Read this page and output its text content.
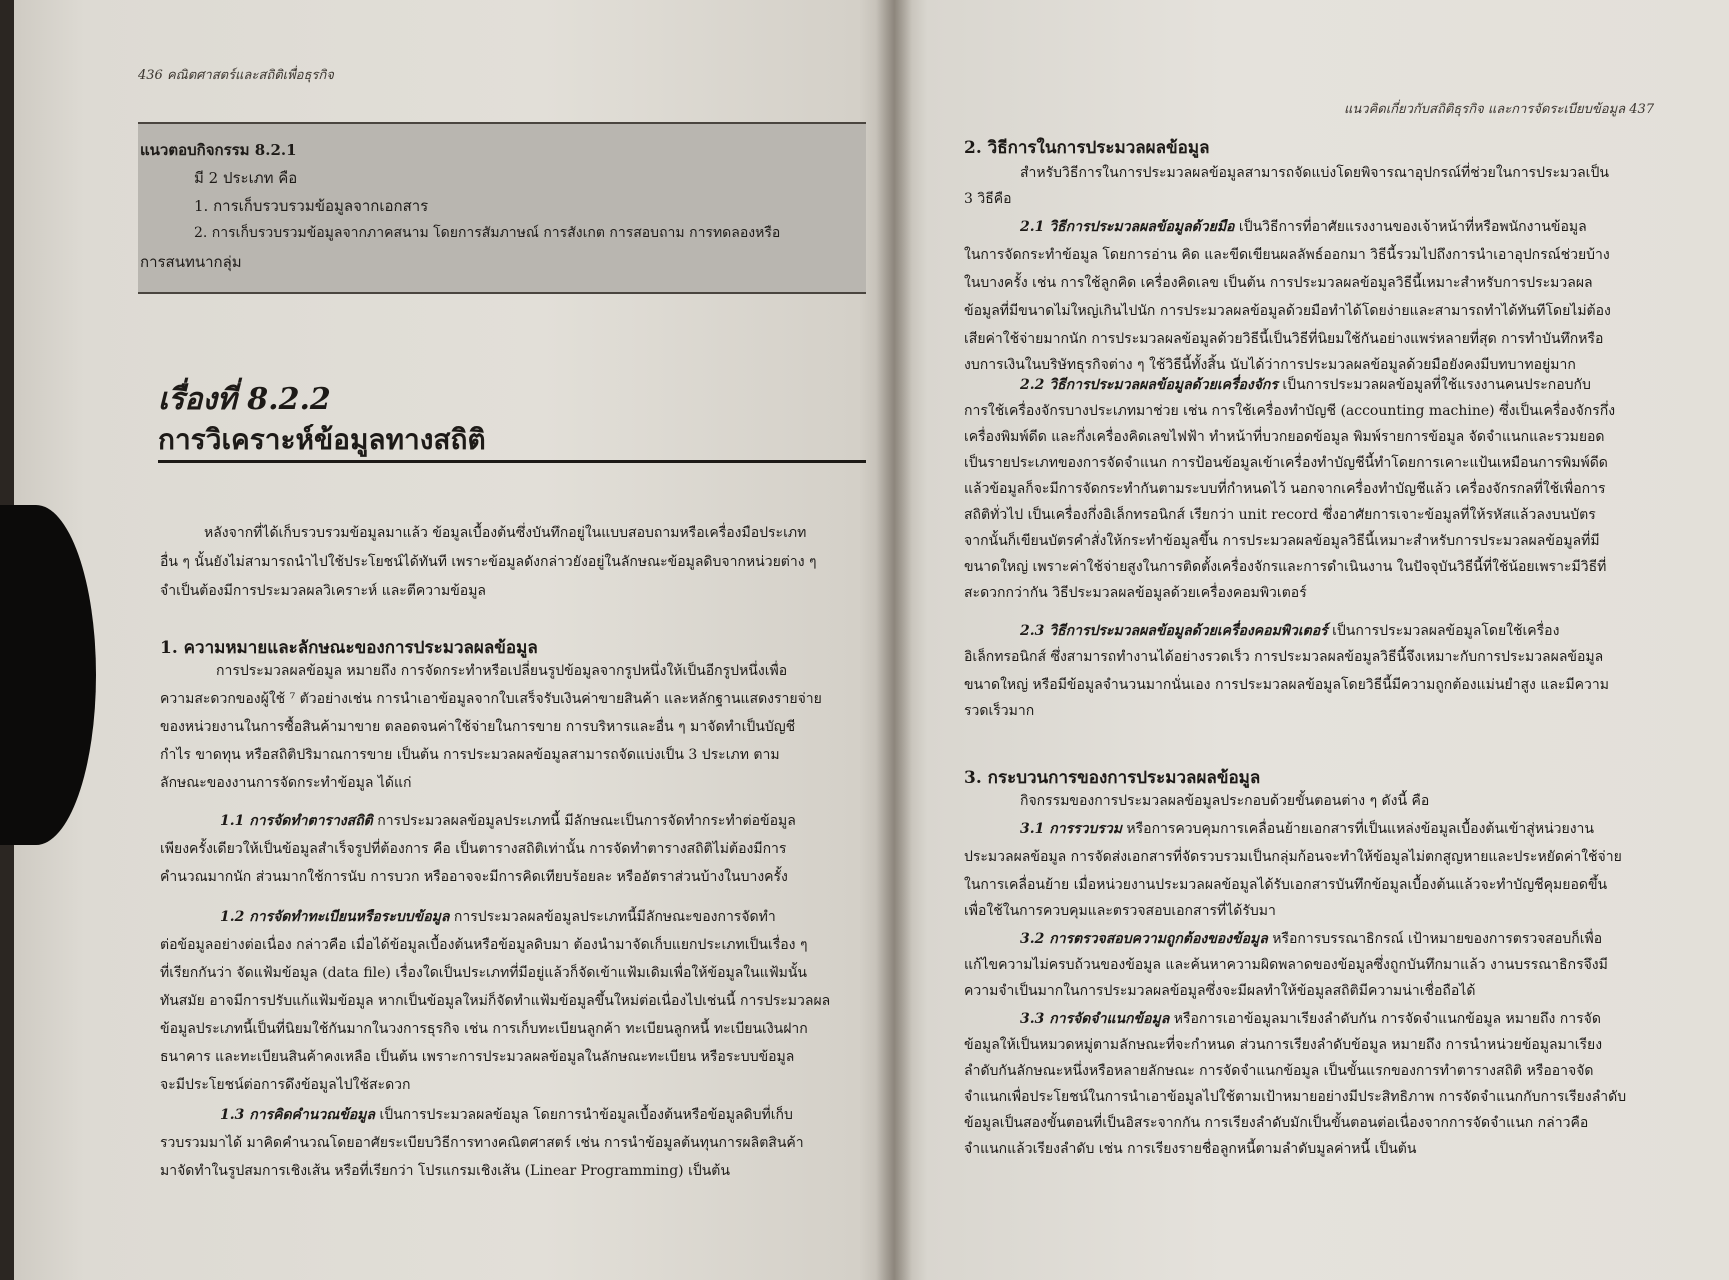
436 คณิตศาสตร์และสถิติเพื่อธุรกิจ
แนวตอบกิจกรรม 8.2.1
มี 2 ประเภท คือ
1. การเก็บรวบรวมข้อมูลจากเอกสาร
2. การเก็บรวบรวมข้อมูลจากภาคสนาม โดยการสัมภาษณ์ การสังเกต การสอบถาม การทดลองหรือ
การสนทนากลุ่ม
เรื่องที่ 8.2.2
การวิเคราะห์ข้อมูลทางสถิติ
หลังจากที่ได้เก็บรวบรวมข้อมูลมาแล้ว ข้อมูลเบื้องต้นซึ่งบันทึกอยู่ในแบบสอบถามหรือเครื่องมือประเภท
อื่น ๆ นั้นยังไม่สามารถนำไปใช้ประโยชน์ได้ทันที เพราะข้อมูลดังกล่าวยังอยู่ในลักษณะข้อมูลดิบจากหน่วยต่าง ๆ
จำเป็นต้องมีการประมวลผลวิเคราะห์ และตีความข้อมูล
1. ความหมายและลักษณะของการประมวลผลข้อมูล
การประมวลผลข้อมูล หมายถึง การจัดกระทำหรือเปลี่ยนรูปข้อมูลจากรูปหนึ่งให้เป็นอีกรูปหนึ่งเพื่อ
ความสะดวกของผู้ใช้ ⁷ ตัวอย่างเช่น การนำเอาข้อมูลจากใบเสร็จรับเงินค่าขายสินค้า และหลักฐานแสดงรายจ่าย
ของหน่วยงานในการซื้อสินค้ามาขาย ตลอดจนค่าใช้จ่ายในการขาย การบริหารและอื่น ๆ มาจัดทำเป็นบัญชี
กำไร ขาดทุน หรือสถิติปริมาณการขาย เป็นต้น การประมวลผลข้อมูลสามารถจัดแบ่งเป็น 3 ประเภท ตาม
ลักษณะของงานการจัดกระทำข้อมูล ได้แก่
1.1 การจัดทำตารางสถิติ การประมวลผลข้อมูลประเภทนี้ มีลักษณะเป็นการจัดทำกระทำต่อข้อมูล
เพียงครั้งเดียวให้เป็นข้อมูลสำเร็จรูปที่ต้องการ คือ เป็นตารางสถิติเท่านั้น การจัดทำตารางสถิติไม่ต้องมีการ
คำนวณมากนัก ส่วนมากใช้การนับ การบวก หรืออาจจะมีการคิดเทียบร้อยละ หรืออัตราส่วนบ้างในบางครั้ง
1.2 การจัดทำทะเบียนหรือระบบข้อมูล การประมวลผลข้อมูลประเภทนี้มีลักษณะของการจัดทำ
ต่อข้อมูลอย่างต่อเนื่อง กล่าวคือ เมื่อได้ข้อมูลเบื้องต้นหรือข้อมูลดิบมา ต้องนำมาจัดเก็บแยกประเภทเป็นเรื่อง ๆ
ที่เรียกกันว่า จัดแฟ้มข้อมูล (data file) เรื่องใดเป็นประเภทที่มีอยู่แล้วก็จัดเข้าแฟ้มเดิมเพื่อให้ข้อมูลในแฟ้มนั้น
ทันสมัย อาจมีการปรับแก้แฟ้มข้อมูล หากเป็นข้อมูลใหม่ก็จัดทำแฟ้มข้อมูลขึ้นใหม่ต่อเนื่องไปเช่นนี้ การประมวลผล
ข้อมูลประเภทนี้เป็นที่นิยมใช้กันมากในวงการธุรกิจ เช่น การเก็บทะเบียนลูกค้า ทะเบียนลูกหนี้ ทะเบียนเงินฝาก
ธนาคาร และทะเบียนสินค้าคงเหลือ เป็นต้น เพราะการประมวลผลข้อมูลในลักษณะทะเบียน หรือระบบข้อมูล
จะมีประโยชน์ต่อการดึงข้อมูลไปใช้สะดวก
1.3 การคิดคำนวณข้อมูล เป็นการประมวลผลข้อมูล โดยการนำข้อมูลเบื้องต้นหรือข้อมูลดิบที่เก็บ
รวบรวมมาได้ มาคิดคำนวณโดยอาศัยระเบียบวิธีการทางคณิตศาสตร์ เช่น การนำข้อมูลต้นทุนการผลิตสินค้า
มาจัดทำในรูปสมการเชิงเส้น หรือที่เรียกว่า โปรแกรมเชิงเส้น (Linear Programming) เป็นต้น
แนวคิดเกี่ยวกับสถิติธุรกิจ และการจัดระเบียบข้อมูล 437
2. วิธีการในการประมวลผลข้อมูล
สำหรับวิธีการในการประมวลผลข้อมูลสามารถจัดแบ่งโดยพิจารณาอุปกรณ์ที่ช่วยในการประมวลเป็น
3 วิธีคือ
2.1 วิธีการประมวลผลข้อมูลด้วยมือ เป็นวิธีการที่อาศัยแรงงานของเจ้าหน้าที่หรือพนักงานข้อมูล
ในการจัดกระทำข้อมูล โดยการอ่าน คิด และขีดเขียนผลลัพธ์ออกมา วิธีนี้รวมไปถึงการนำเอาอุปกรณ์ช่วยบ้าง
ในบางครั้ง เช่น การใช้ลูกคิด เครื่องคิดเลข เป็นต้น การประมวลผลข้อมูลวิธีนี้เหมาะสำหรับการประมวลผล
ข้อมูลที่มีขนาดไม่ใหญ่เกินไปนัก การประมวลผลข้อมูลด้วยมือทำได้โดยง่ายและสามารถทำได้ทันทีโดยไม่ต้อง
เสียค่าใช้จ่ายมากนัก การประมวลผลข้อมูลด้วยวิธีนี้เป็นวิธีที่นิยมใช้กันอย่างแพร่หลายที่สุด การทำบันทึกหรือ
งบการเงินในบริษัทธุรกิจต่าง ๆ ใช้วิธีนี้ทั้งสิ้น นับได้ว่าการประมวลผลข้อมูลด้วยมือยังคงมีบทบาทอยู่มาก
2.2 วิธีการประมวลผลข้อมูลด้วยเครื่องจักร เป็นการประมวลผลข้อมูลที่ใช้แรงงานคนประกอบกับ
การใช้เครื่องจักรบางประเภทมาช่วย เช่น การใช้เครื่องทำบัญชี (accounting machine) ซึ่งเป็นเครื่องจักรกึ่ง
เครื่องพิมพ์ดีด และกึ่งเครื่องคิดเลขไฟฟ้า ทำหน้าที่บวกยอดข้อมูล พิมพ์รายการข้อมูล จัดจำแนกและรวมยอด
เป็นรายประเภทของการจัดจำแนก การป้อนข้อมูลเข้าเครื่องทำบัญชีนี้ทำโดยการเคาะแป้นเหมือนการพิมพ์ดีด
แล้วข้อมูลก็จะมีการจัดกระทำกันตามระบบที่กำหนดไว้ นอกจากเครื่องทำบัญชีแล้ว เครื่องจักรกลที่ใช้เพื่อการ
สถิติทั่วไป เป็นเครื่องกึ่งอิเล็กทรอนิกส์ เรียกว่า unit record ซึ่งอาศัยการเจาะข้อมูลที่ให้รหัสแล้วลงบนบัตร
จากนั้นก็เขียนบัตรคำสั่งให้กระทำข้อมูลขึ้น การประมวลผลข้อมูลวิธีนี้เหมาะสำหรับการประมวลผลข้อมูลที่มี
ขนาดใหญ่ เพราะค่าใช้จ่ายสูงในการติดตั้งเครื่องจักรและการดำเนินงาน ในปัจจุบันวิธีนี้ที่ใช้น้อยเพราะมีวิธีที่
สะดวกกว่ากัน วิธีประมวลผลข้อมูลด้วยเครื่องคอมพิวเตอร์
2.3 วิธีการประมวลผลข้อมูลด้วยเครื่องคอมพิวเตอร์ เป็นการประมวลผลข้อมูลโดยใช้เครื่อง
อิเล็กทรอนิกส์ ซึ่งสามารถทำงานได้อย่างรวดเร็ว การประมวลผลข้อมูลวิธีนี้จึงเหมาะกับการประมวลผลข้อมูล
ขนาดใหญ่ หรือมีข้อมูลจำนวนมากนั่นเอง การประมวลผลข้อมูลโดยวิธีนี้มีความถูกต้องแม่นยำสูง และมีความ
รวดเร็วมาก
3. กระบวนการของการประมวลผลข้อมูล
กิจกรรมของการประมวลผลข้อมูลประกอบด้วยขั้นตอนต่าง ๆ ดังนี้ คือ
3.1 การรวบรวม หรือการควบคุมการเคลื่อนย้ายเอกสารที่เป็นแหล่งข้อมูลเบื้องต้นเข้าสู่หน่วยงาน
ประมวลผลข้อมูล การจัดส่งเอกสารที่จัดรวบรวมเป็นกลุ่มก้อนจะทำให้ข้อมูลไม่ตกสูญหายและประหยัดค่าใช้จ่าย
ในการเคลื่อนย้าย เมื่อหน่วยงานประมวลผลข้อมูลได้รับเอกสารบันทึกข้อมูลเบื้องต้นแล้วจะทำบัญชีคุมยอดขึ้น
เพื่อใช้ในการควบคุมและตรวจสอบเอกสารที่ได้รับมา
3.2 การตรวจสอบความถูกต้องของข้อมูล หรือการบรรณาธิกรณ์ เป้าหมายของการตรวจสอบก็เพื่อ
แก้ไขความไม่ครบถ้วนของข้อมูล และค้นหาความผิดพลาดของข้อมูลซึ่งถูกบันทึกมาแล้ว งานบรรณาธิกรจึงมี
ความจำเป็นมากในการประมวลผลข้อมูลซึ่งจะมีผลทำให้ข้อมูลสถิติมีความน่าเชื่อถือได้
3.3 การจัดจำแนกข้อมูล หรือการเอาข้อมูลมาเรียงลำดับกัน การจัดจำแนกข้อมูล หมายถึง การจัด
ข้อมูลให้เป็นหมวดหมู่ตามลักษณะที่จะกำหนด ส่วนการเรียงลำดับข้อมูล หมายถึง การนำหน่วยข้อมูลมาเรียง
ลำดับกันลักษณะหนึ่งหรือหลายลักษณะ การจัดจำแนกข้อมูล เป็นขั้นแรกของการทำตารางสถิติ หรืออาจจัด
จำแนกเพื่อประโยชน์ในการนำเอาข้อมูลไปใช้ตามเป้าหมายอย่างมีประสิทธิภาพ การจัดจำแนกกับการเรียงลำดับ
ข้อมูลเป็นสองขั้นตอนที่เป็นอิสระจากกัน การเรียงลำดับมักเป็นขั้นตอนต่อเนื่องจากการจัดจำแนก กล่าวคือ
จำแนกแล้วเรียงลำดับ เช่น การเรียงรายชื่อลูกหนี้ตามลำดับมูลค่าหนี้ เป็นต้น
